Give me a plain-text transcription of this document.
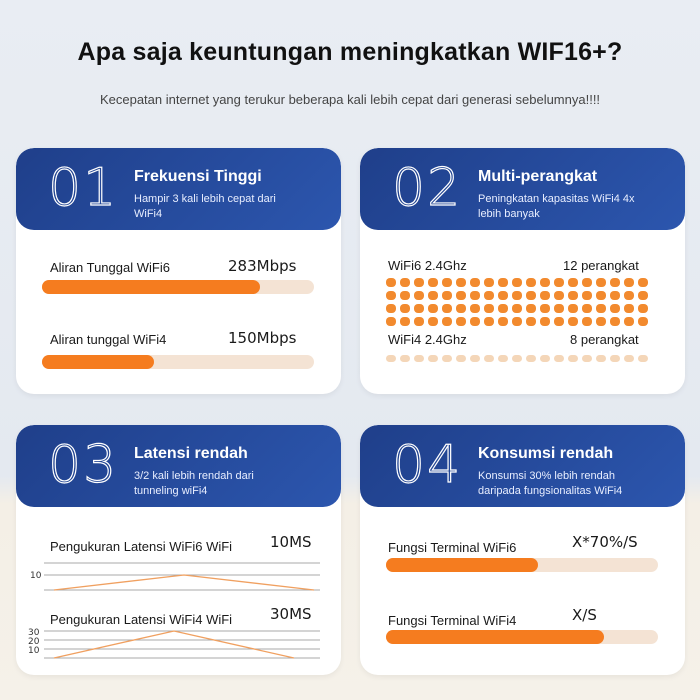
Apa saja keuntungan meningkatkan WIF16+?
Kecepatan internet yang terukur beberapa kali lebih cepat dari generasi sebelumnya!!!!
01 Frekuensi Tinggi
Hampir 3 kali lebih cepat dari WiFi4
Aliran Tunggal WiFi6	283Mbps
Aliran tunggal WiFi4	150Mbps
02 Multi-perangkat
Peningkatan kapasitas WiFi4 4x lebih banyak
WiFi6 2.4Ghz	12 perangkat
WiFi4 2.4Ghz	8 perangkat
03 Latensi rendah
3/2 kali lebih rendah dari tunneling wiFi4
Pengukuran Latensi WiFi6 WiFi	10MS
10
Pengukuran Latensi WiFi4 WiFi	30MS
30
20
10
04 Konsumsi rendah
Konsumsi 30% lebih rendah daripada fungsionalitas WiFi4
Fungsi Terminal WiFi6	X*70%/S
Fungsi Terminal WiFi4	X/S
